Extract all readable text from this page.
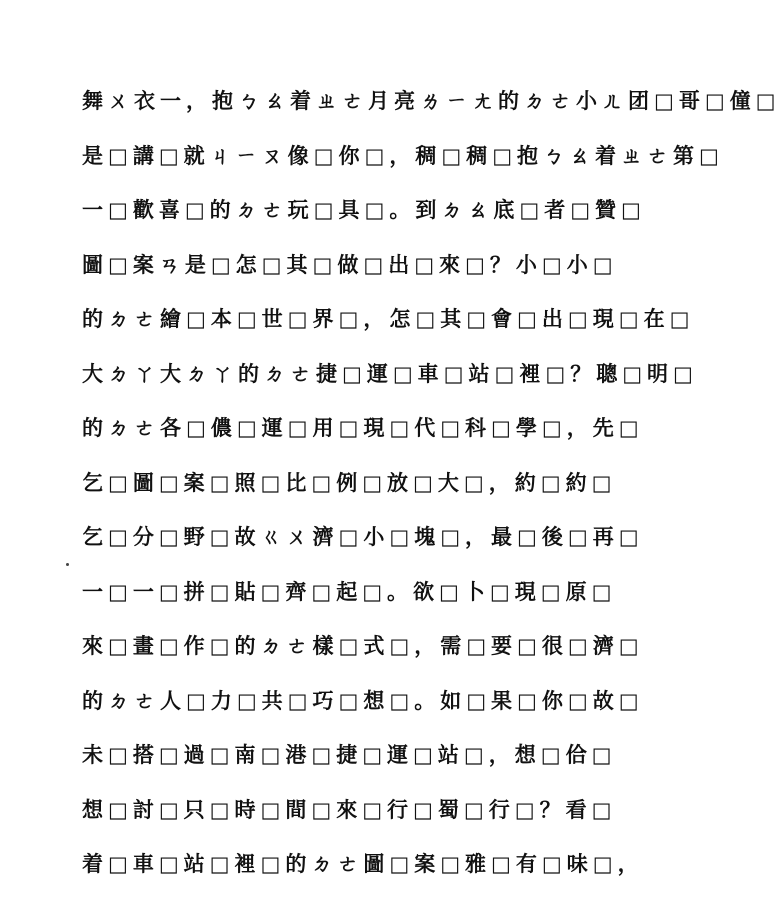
舞ㄨ衣一，抱ㄅㄠ着ㄓㄜ月亮ㄌㄧㄤ的ㄉㄜ小ㄦ团□哥□僮□
是□講□就ㄐㄧㄡ像□你□，稠□稠□抱ㄅㄠ着ㄓㄜ第□
一□歡喜□的ㄉㄜ玩□具□。到ㄉㄠ底□者□贊□
圖□案ㄢ是□怎□其□做□出□來□？小□小□
的ㄉㄜ繪□本□世□界□，怎□其□會□出□現□在□
大ㄉㄚ大ㄉㄚ的ㄉㄜ捷□運□車□站□裡□？聰□明□
的ㄉㄜ各□儂□運□用□現□代□科□學□，先□
乞□圖□案□照□比□例□放□大□，約□約□
乞□分□野□故ㄍㄨ濟□小□塊□，最□後□再□
一□一□拼□貼□齊□起□。欲□卜□現□原□
來□畫□作□的ㄉㄜ樣□式□，需□要□很□濟□
的ㄉㄜ人□力□共□巧□想□。如□果□你□故□
未□搭□過□南□港□捷□運□站□，想□佮□
想□討□只□時□間□來□行□蜀□行□？看□
着□車□站□裡□的ㄉㄜ圖□案□雅□有□味□，
